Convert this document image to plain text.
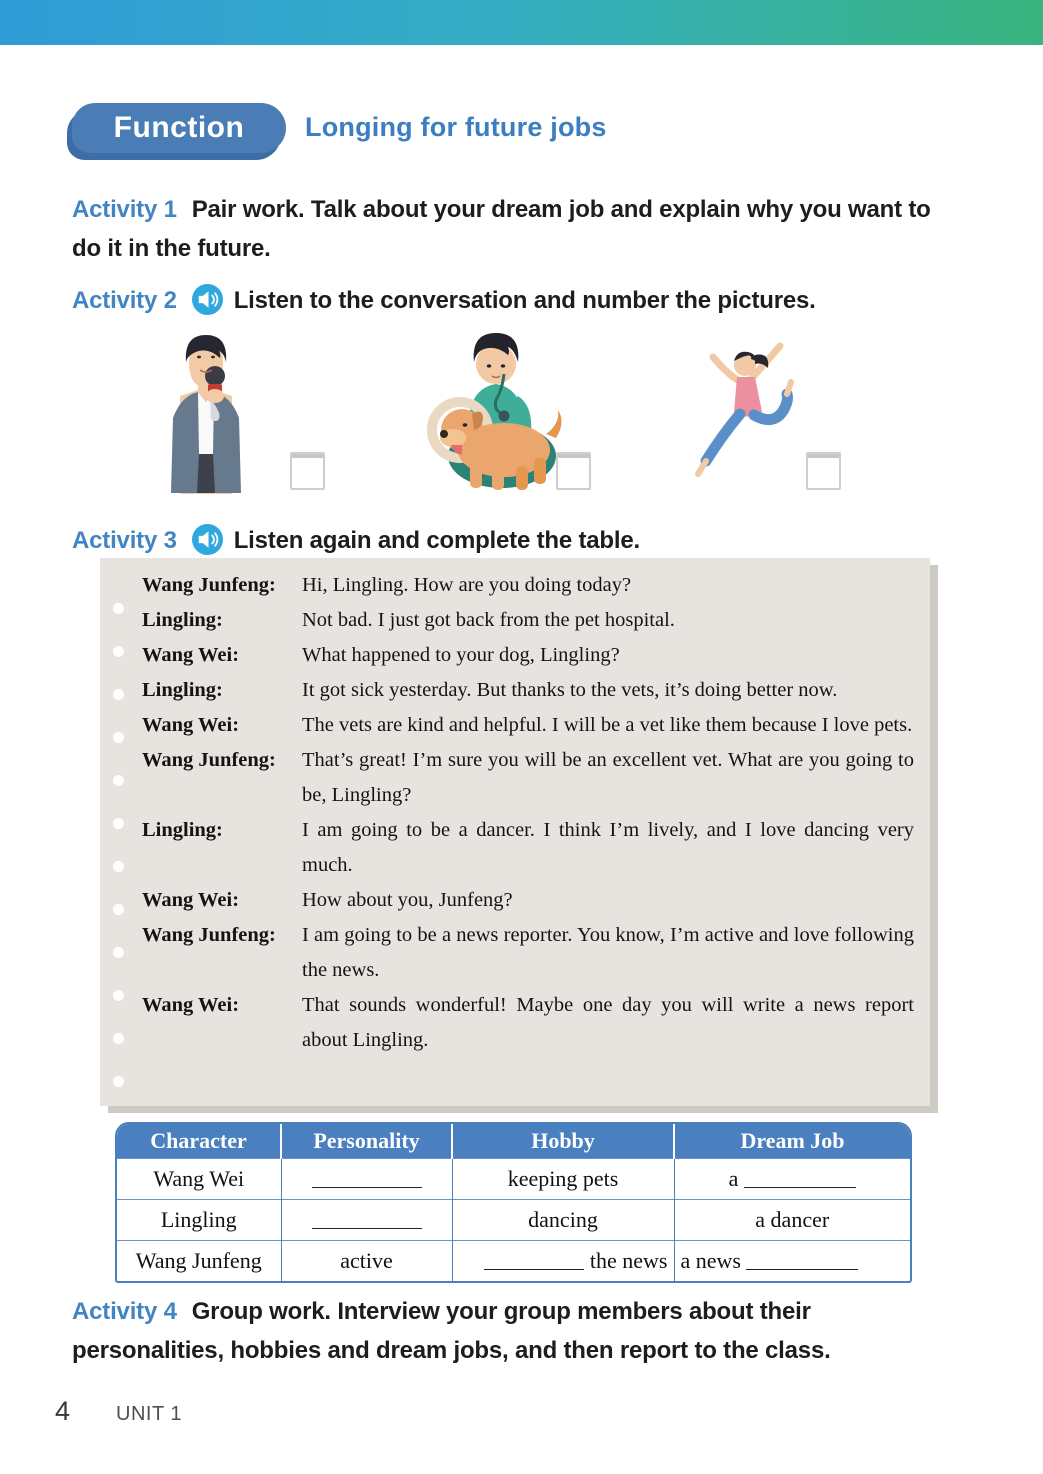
Function Longing for future jobs
Activity 1 Pair work. Talk about your dream job and explain why you want to do it in the future.
Activity 2 Listen to the conversation and number the pictures.
Activity 3 Listen again and complete the table.
Wang Junfeng:	Hi, Lingling. How are you doing today?
Lingling:	Not bad. I just got back from the pet hospital.
Wang Wei:	What happened to your dog, Lingling?
Lingling:	It got sick yesterday. But thanks to the vets, it’s doing better now.
Wang Wei:	The vets are kind and helpful. I will be a vet like them because I love pets.
Wang Junfeng:	That’s great! I’m sure you will be an excellent vet. What are you going to be, Lingling?
Lingling:	I am going to be a dancer. I think I’m lively, and I love dancing very much.
Wang Wei:	How about you, Junfeng?
Wang Junfeng:	I am going to be a news reporter. You know, I’m active and love following the news.
Wang Wei:	That sounds wonderful! Maybe one day you will write a news report about Lingling.
Character	Personality	Hobby	Dream Job
Wang Wei		keeping pets	a
Lingling		dancing	a dancer
Wang Junfeng	active	the news	a news
Activity 4 Group work. Interview your group members about their personalities, hobbies and dream jobs, and then report to the class.
4 UNIT 1
